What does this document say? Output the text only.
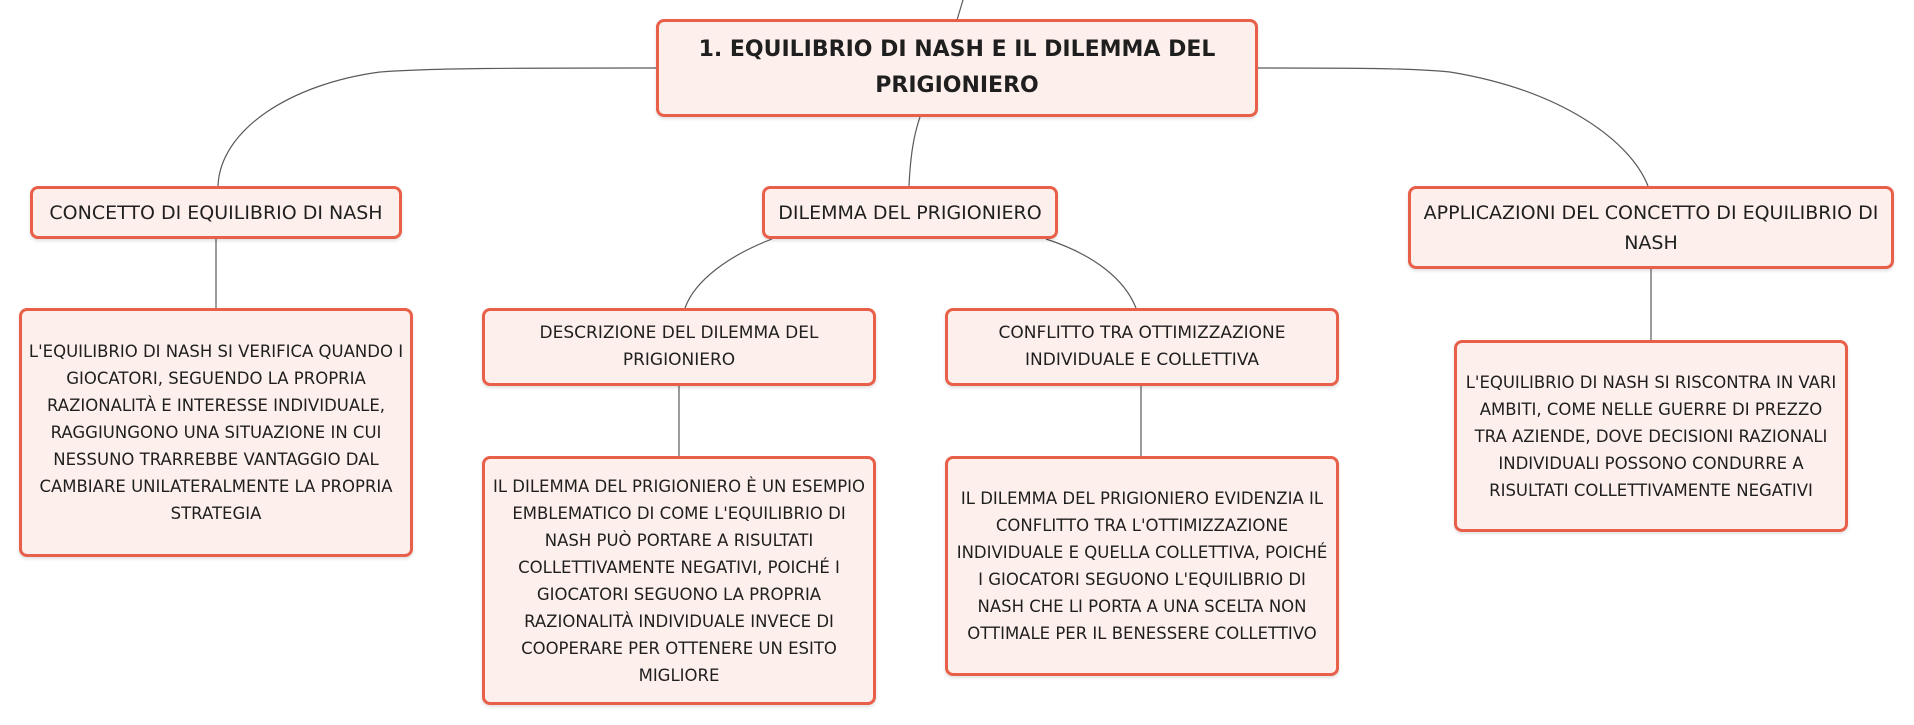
1. EQUILIBRIO DI NASH E IL DILEMMA DEL PRIGIONIERO
CONCETTO DI EQUILIBRIO DI NASH
L'EQUILIBRIO DI NASH SI VERIFICA QUANDO I GIOCATORI, SEGUENDO LA PROPRIA RAZIONALITÀ E INTERESSE INDIVIDUALE, RAGGIUNGONO UNA SITUAZIONE IN CUI NESSUNO TRARREBBE VANTAGGIO DAL CAMBIARE UNILATERALMENTE LA PROPRIA STRATEGIA
DILEMMA DEL PRIGIONIERO
DESCRIZIONE DEL DILEMMA DEL PRIGIONIERO
IL DILEMMA DEL PRIGIONIERO È UN ESEMPIO EMBLEMATICO DI COME L'EQUILIBRIO DI NASH PUÒ PORTARE A RISULTATI COLLETTIVAMENTE NEGATIVI, POICHÉ I GIOCATORI SEGUONO LA PROPRIA RAZIONALITÀ INDIVIDUALE INVECE DI COOPERARE PER OTTENERE UN ESITO MIGLIORE
CONFLITTO TRA OTTIMIZZAZIONE INDIVIDUALE E COLLETTIVA
IL DILEMMA DEL PRIGIONIERO EVIDENZIA IL CONFLITTO TRA L'OTTIMIZZAZIONE INDIVIDUALE E QUELLA COLLETTIVA, POICHÉ I GIOCATORI SEGUONO L'EQUILIBRIO DI NASH CHE LI PORTA A UNA SCELTA NON OTTIMALE PER IL BENESSERE COLLETTIVO
APPLICAZIONI DEL CONCETTO DI EQUILIBRIO DI NASH
L'EQUILIBRIO DI NASH SI RISCONTRA IN VARI AMBITI, COME NELLE GUERRE DI PREZZO TRA AZIENDE, DOVE DECISIONI RAZIONALI INDIVIDUALI POSSONO CONDURRE A RISULTATI COLLETTIVAMENTE NEGATIVI
